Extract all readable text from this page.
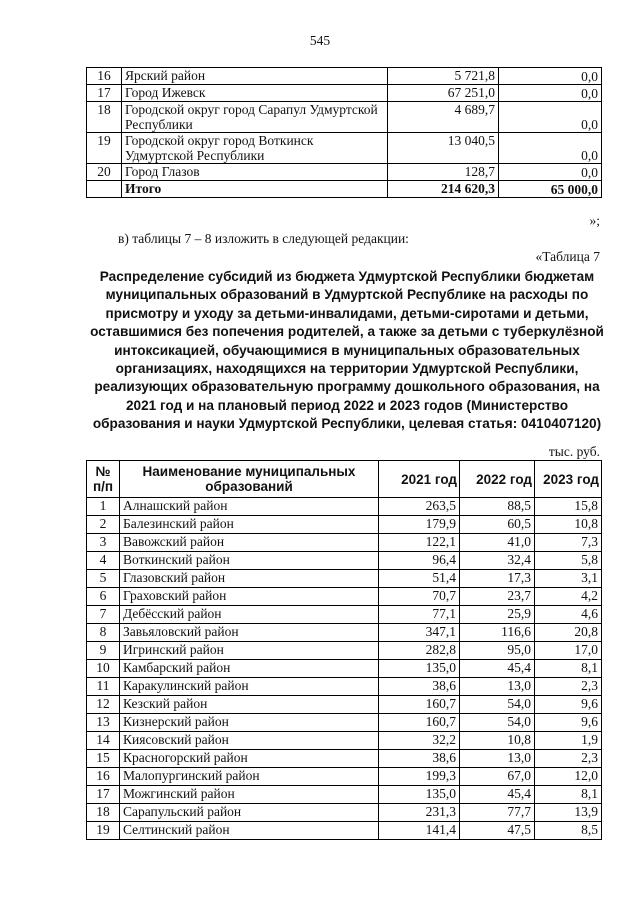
545
16	Ярский район	5 721,8	0,0
17	Город Ижевск	67 251,0	0,0
18	Городской округ город Сарапул Удмуртской Республики	4 689,7	0,0
19	Городской округ город Воткинск Удмуртской Республики	13 040,5	0,0
20	Город Глазов	128,7	0,0
	Итого	214 620,3	65 000,0
»;
в) таблицы 7 – 8 изложить в следующей редакции:
«Таблица 7
Распределение субсидий из бюджета Удмуртской Республики бюджетам муниципальных образований в Удмуртской Республике на расходы по присмотру и уходу за детьми-инвалидами, детьми-сиротами и детьми, оставшимися без попечения родителей, а также за детьми с туберкулёзной интоксикацией, обучающимися в муниципальных образовательных организациях, находящихся на территории Удмуртской Республики, реализующих образовательную программу дошкольного образования, на 2021 год и на плановый период 2022 и 2023 годов (Министерство образования и науки Удмуртской Республики, целевая статья: 0410407120)
тыс. руб.
№ п/п	Наименование муниципальных образований	2021 год	2022 год	2023 год
1	Алнашский район	263,5	88,5	15,8
2	Балезинский район	179,9	60,5	10,8
3	Вавожский район	122,1	41,0	7,3
4	Воткинский район	96,4	32,4	5,8
5	Глазовский район	51,4	17,3	3,1
6	Граховский район	70,7	23,7	4,2
7	Дебёсский район	77,1	25,9	4,6
8	Завьяловский район	347,1	116,6	20,8
9	Игринский район	282,8	95,0	17,0
10	Камбарский район	135,0	45,4	8,1
11	Каракулинский район	38,6	13,0	2,3
12	Кезский район	160,7	54,0	9,6
13	Кизнерский район	160,7	54,0	9,6
14	Киясовский район	32,2	10,8	1,9
15	Красногорский район	38,6	13,0	2,3
16	Малопургинский район	199,3	67,0	12,0
17	Можгинский район	135,0	45,4	8,1
18	Сарапульский район	231,3	77,7	13,9
19	Селтинский район	141,4	47,5	8,5
